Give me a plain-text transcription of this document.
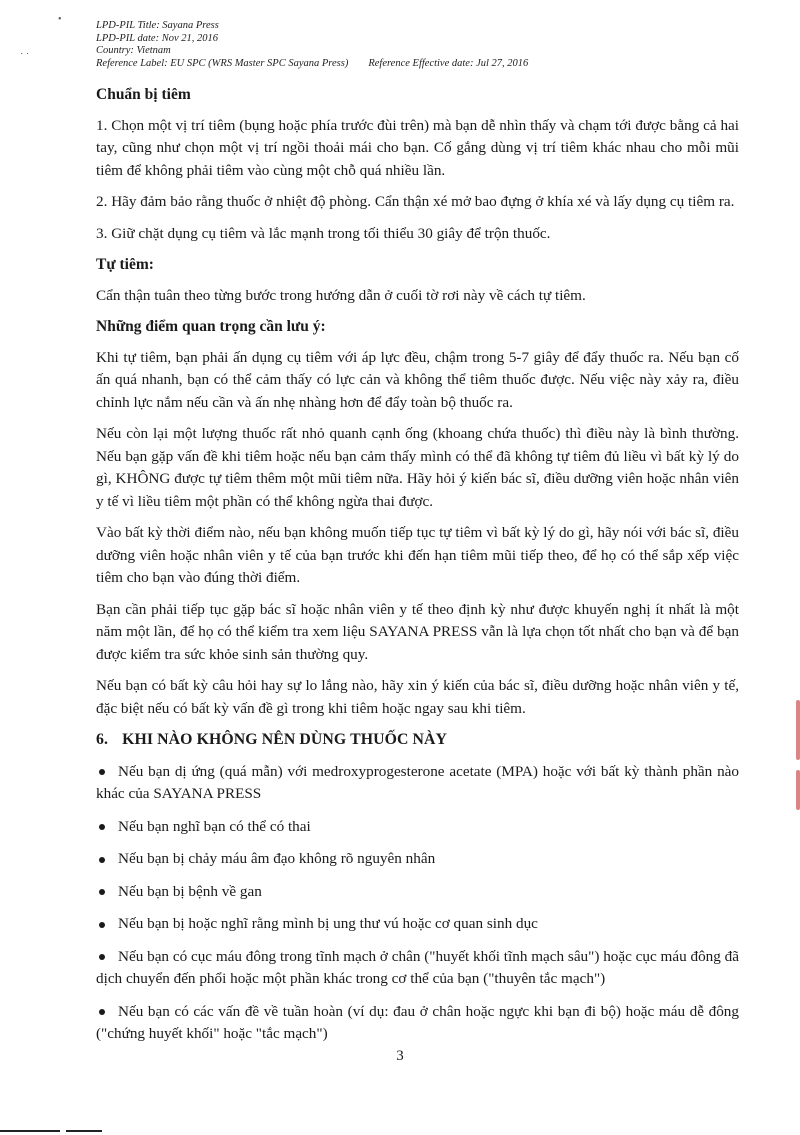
•
˙ ˙
LPD-PIL Title: Sayana Press
LPD-PIL date: Nov 21, 2016
Country: Vietnam
Reference Label: EU SPC (WRS Master SPC Sayana Press) Reference Effective date: Jul 27, 2016
Chuẩn bị tiêm

1. Chọn một vị trí tiêm (bụng hoặc phía trước đùi trên) mà bạn dễ nhìn thấy và chạm tới được bằng cả hai tay, cũng như chọn một vị trí ngồi thoải mái cho bạn. Cố gắng dùng vị trí tiêm khác nhau cho mỗi mũi tiêm để không phải tiêm vào cùng một chỗ quá nhiều lần.

2. Hãy đảm bảo rằng thuốc ở nhiệt độ phòng. Cẩn thận xé mở bao đựng ở khía xé và lấy dụng cụ tiêm ra.

3. Giữ chặt dụng cụ tiêm và lắc mạnh trong tối thiểu 30 giây để trộn thuốc.

Tự tiêm:

Cẩn thận tuân theo từng bước trong hướng dẫn ở cuối tờ rơi này về cách tự tiêm.

Những điểm quan trọng cần lưu ý:

Khi tự tiêm, bạn phải ấn dụng cụ tiêm với áp lực đều, chậm trong 5-7 giây để đẩy thuốc ra. Nếu bạn cố ấn quá nhanh, bạn có thể cảm thấy có lực cản và không thể tiêm thuốc được. Nếu việc này xảy ra, điều chỉnh lực nắm nếu cần và ấn nhẹ nhàng hơn để đẩy toàn bộ thuốc ra.

Nếu còn lại một lượng thuốc rất nhỏ quanh cạnh ống (khoang chứa thuốc) thì điều này là bình thường. Nếu bạn gặp vấn đề khi tiêm hoặc nếu bạn cảm thấy mình có thể đã không tự tiêm đủ liều vì bất kỳ lý do gì, KHÔNG được tự tiêm thêm một mũi tiêm nữa. Hãy hỏi ý kiến bác sĩ, điều dưỡng viên hoặc nhân viên y tế vì liều tiêm một phần có thể không ngừa thai được.

Vào bất kỳ thời điểm nào, nếu bạn không muốn tiếp tục tự tiêm vì bất kỳ lý do gì, hãy nói với bác sĩ, điều dưỡng viên hoặc nhân viên y tế của bạn trước khi đến hạn tiêm mũi tiếp theo, để họ có thể sắp xếp việc tiêm cho bạn vào đúng thời điểm.

Bạn cần phải tiếp tục gặp bác sĩ hoặc nhân viên y tế theo định kỳ như được khuyến nghị ít nhất là một năm một lần, để họ có thể kiểm tra xem liệu SAYANA PRESS vẫn là lựa chọn tốt nhất cho bạn và để bạn được kiểm tra sức khỏe sinh sản thường quy.

Nếu bạn có bất kỳ câu hỏi hay sự lo lắng nào, hãy xin ý kiến của bác sĩ, điều dưỡng hoặc nhân viên y tế, đặc biệt nếu có bất kỳ vấn đề gì trong khi tiêm hoặc ngay sau khi tiêm.

6. KHI NÀO KHÔNG NÊN DÙNG THUỐC NÀY
Nếu bạn dị ứng (quá mẫn) với medroxyprogesterone acetate (MPA) hoặc với bất kỳ thành phần nào khác của SAYANA PRESS
Nếu bạn nghĩ bạn có thể có thai
Nếu bạn bị chảy máu âm đạo không rõ nguyên nhân
Nếu bạn bị bệnh về gan
Nếu bạn bị hoặc nghĩ rằng mình bị ung thư vú hoặc cơ quan sinh dục
Nếu bạn có cục máu đông trong tĩnh mạch ở chân ("huyết khối tĩnh mạch sâu") hoặc cục máu đông đã dịch chuyển đến phổi hoặc một phần khác trong cơ thể của bạn ("thuyên tắc mạch")
Nếu bạn có các vấn đề về tuần hoàn (ví dụ: đau ở chân hoặc ngực khi bạn đi bộ) hoặc máu dễ đông ("chứng huyết khối" hoặc "tắc mạch")
3
